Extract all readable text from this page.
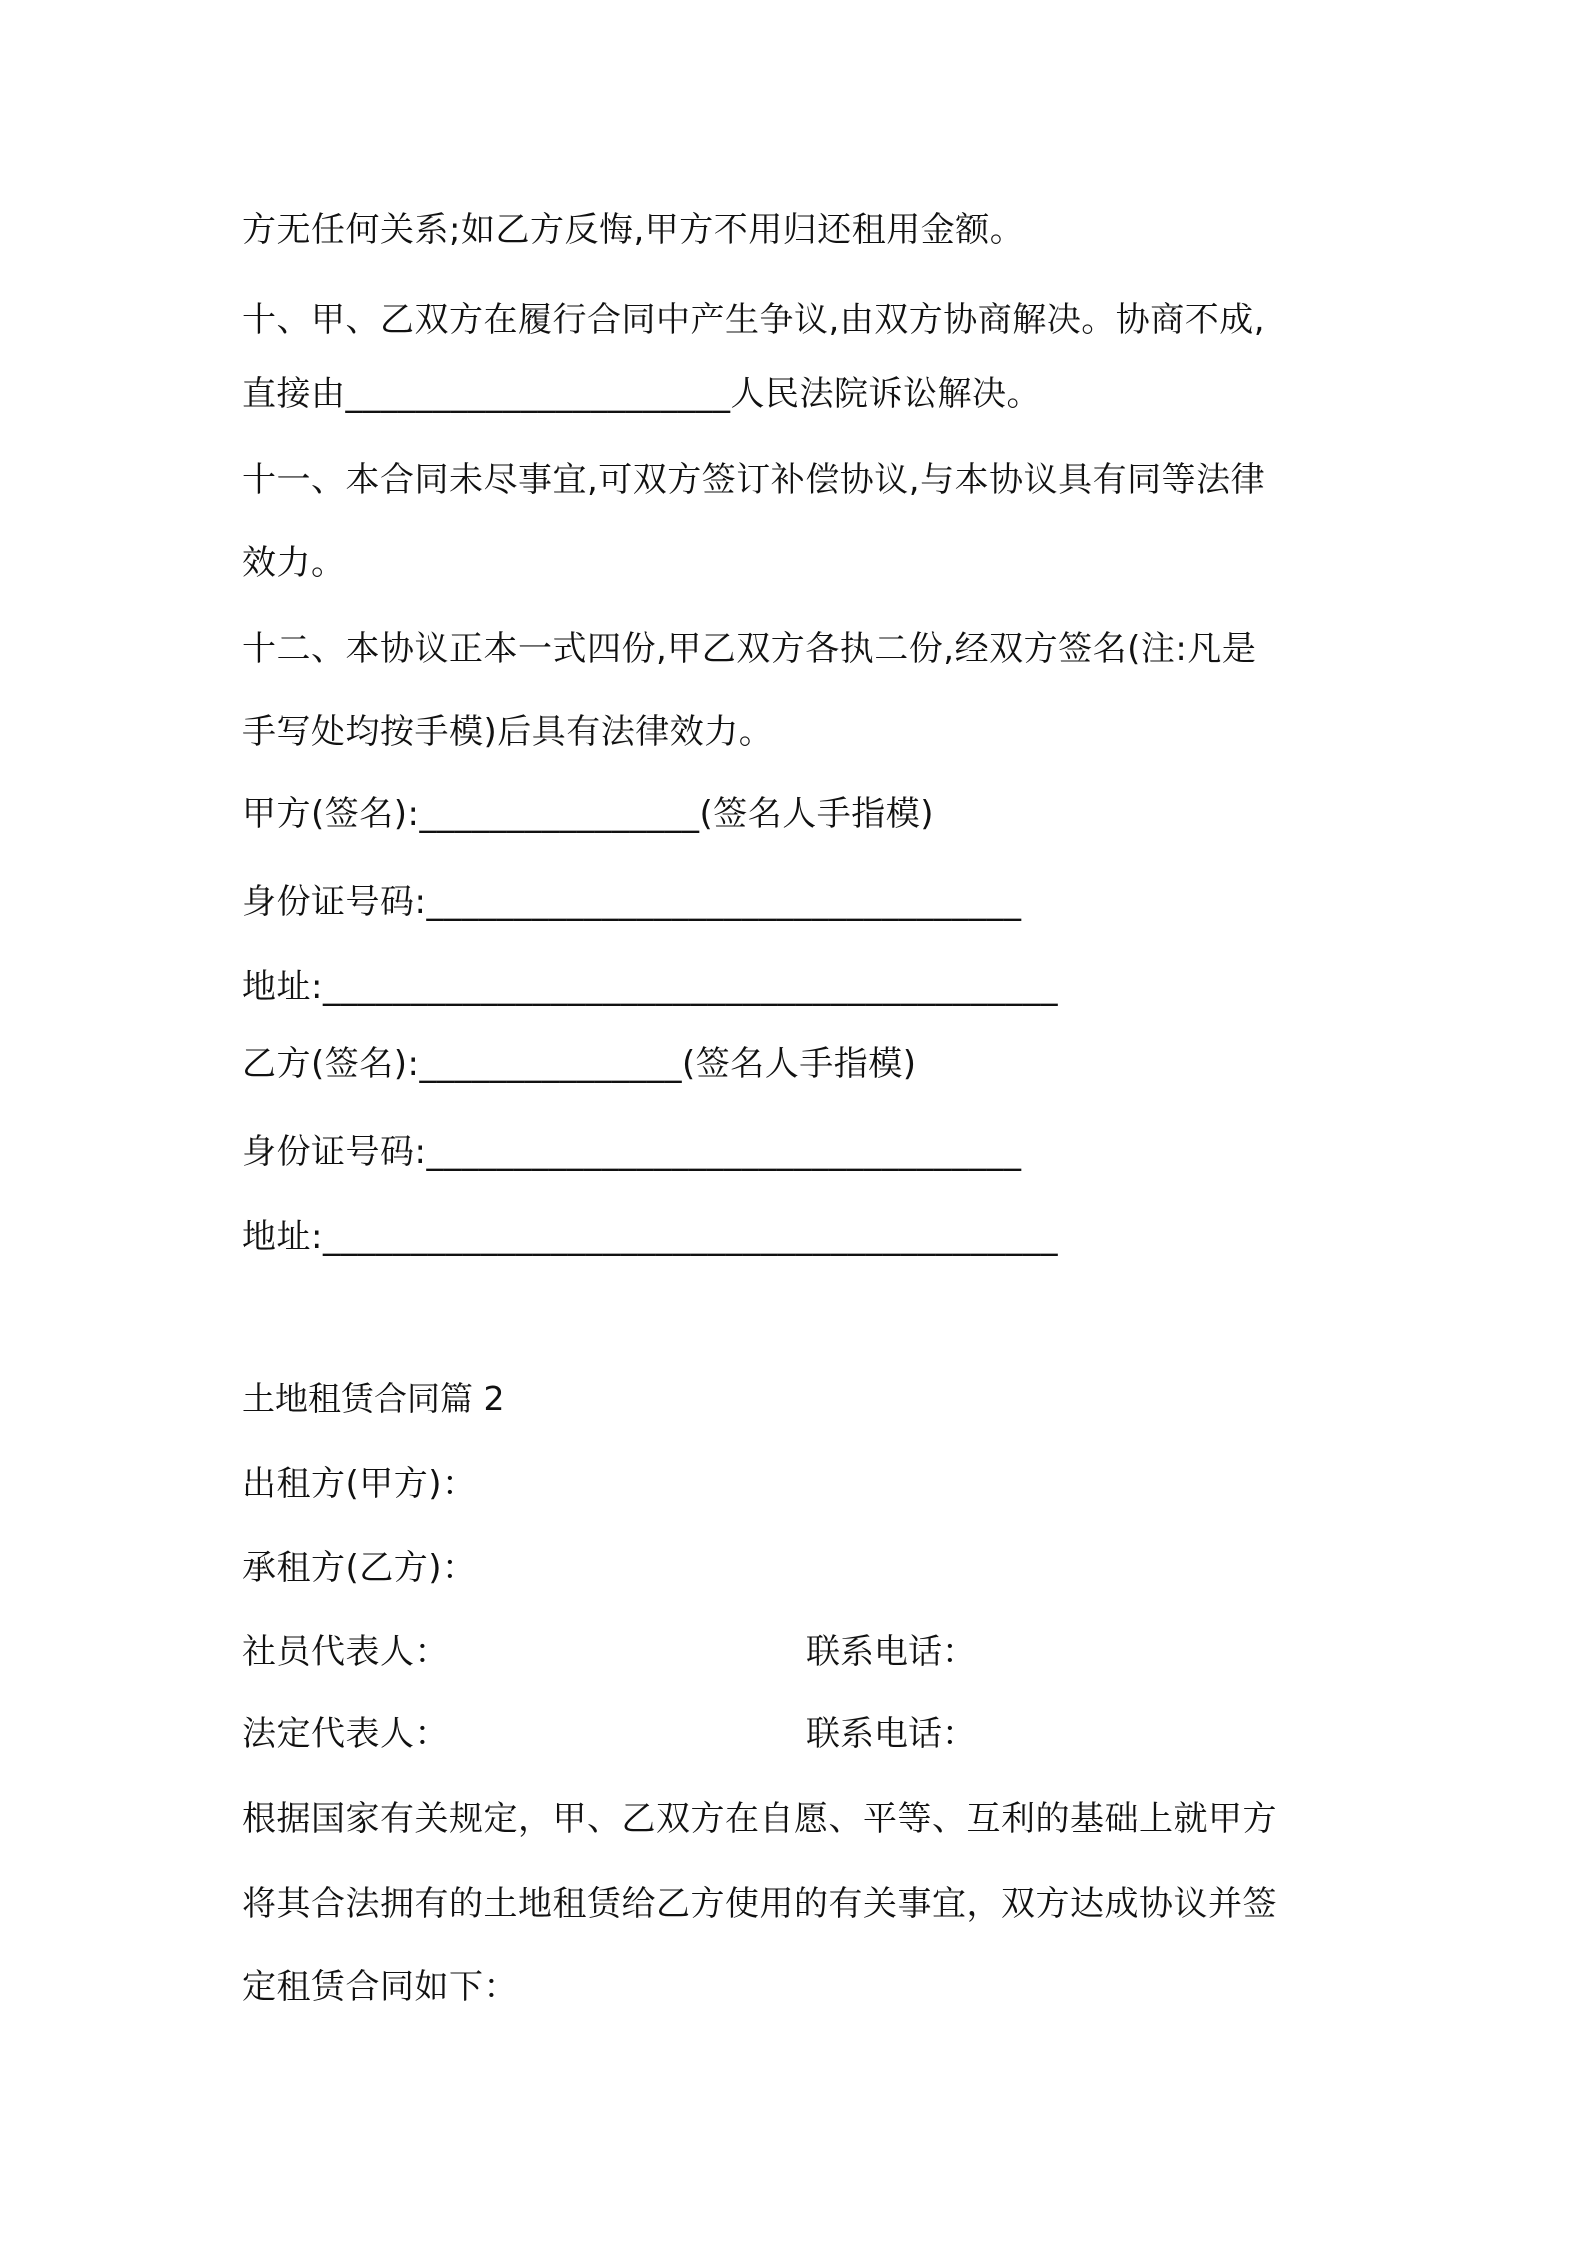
方无任何关系;如乙方反悔,甲方不用归还租用金额。
十、甲、乙双方在履行合同中产生争议,由双方协商解决。协商不成,
直接由______________________人民法院诉讼解决。
十一、本合同未尽事宜,可双方签订补偿协议,与本协议具有同等法律
效力。
十二、本协议正本一式四份,甲乙双方各执二份,经双方签名(注:凡是
手写处均按手模)后具有法律效力。
甲方(签名):________________(签名人手指模)
身份证号码:__________________________________
地址:__________________________________________
乙方(签名):_______________(签名人手指模)
身份证号码:__________________________________
地址:__________________________________________
土地租赁合同篇 2
出租方(甲方)：
承租方(乙方)：
社员代表人：	联系电话：
法定代表人：	联系电话：
根据国家有关规定，甲、乙双方在自愿、平等、互利的基础上就甲方
将其合法拥有的土地租赁给乙方使用的有关事宜，双方达成协议并签
定租赁合同如下：
